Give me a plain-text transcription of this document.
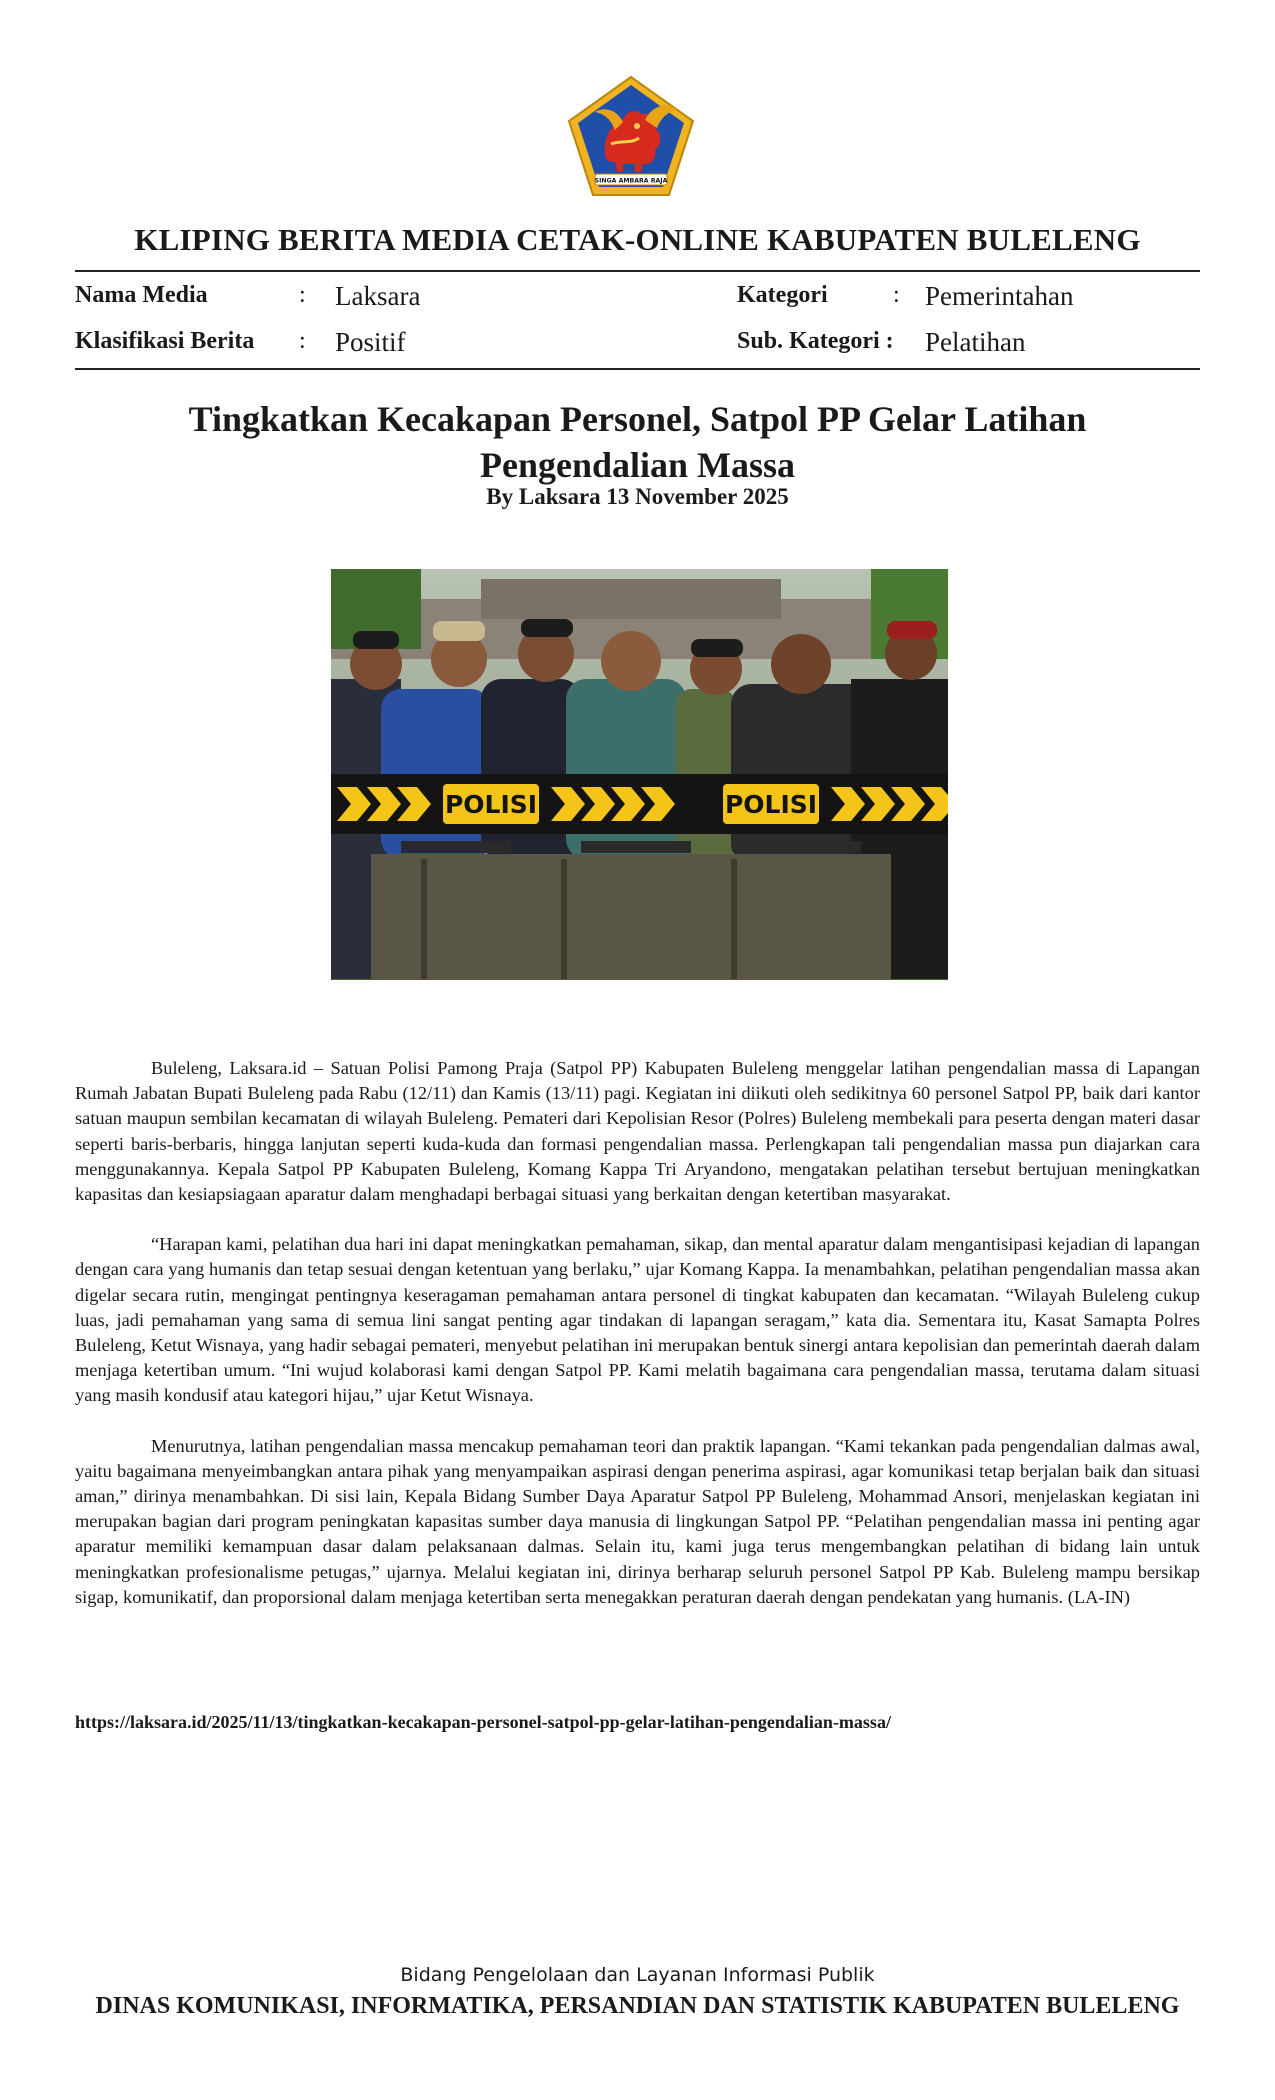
SINGA AMBARA RAJA
KLIPING BERITA MEDIA CETAK-ONLINE KABUPATEN BULELENG
Nama Media	: Laksara
Klasifikasi Berita : Positif
Kategori	: Pemerintahan
Sub. Kategori : Pelatihan
Tingkatkan Kecakapan Personel, Satpol PP Gelar Latihan Pengendalian Massa
By Laksara 13 November 2025
POLISI	POLISI

Buleleng, Laksara.id – Satuan Polisi Pamong Praja (Satpol PP) Kabupaten Buleleng menggelar latihan pengendalian massa di Lapangan Rumah Jabatan Bupati Buleleng pada Rabu (12/11) dan Kamis (13/11) pagi. Kegiatan ini diikuti oleh sedikitnya 60 personel Satpol PP, baik dari kantor satuan maupun sembilan kecamatan di wilayah Buleleng. Pemateri dari Kepolisian Resor (Polres) Buleleng membekali para peserta dengan materi dasar seperti baris-berbaris, hingga lanjutan seperti kuda-kuda dan formasi pengendalian massa. Perlengkapan tali pengendalian massa pun diajarkan cara menggunakannya. Kepala Satpol PP Kabupaten Buleleng, Komang Kappa Tri Aryandono, mengatakan pelatihan tersebut bertujuan meningkatkan kapasitas dan kesiapsiagaan aparatur dalam menghadapi berbagai situasi yang berkaitan dengan ketertiban masyarakat.

“Harapan kami, pelatihan dua hari ini dapat meningkatkan pemahaman, sikap, dan mental aparatur dalam mengantisipasi kejadian di lapangan dengan cara yang humanis dan tetap sesuai dengan ketentuan yang berlaku,” ujar Komang Kappa. Ia menambahkan, pelatihan pengendalian massa akan digelar secara rutin, mengingat pentingnya keseragaman pemahaman antara personel di tingkat kabupaten dan kecamatan. “Wilayah Buleleng cukup luas, jadi pemahaman yang sama di semua lini sangat penting agar tindakan di lapangan seragam,” kata dia. Sementara itu, Kasat Samapta Polres Buleleng, Ketut Wisnaya, yang hadir sebagai pemateri, menyebut pelatihan ini merupakan bentuk sinergi antara kepolisian dan pemerintah daerah dalam menjaga ketertiban umum. “Ini wujud kolaborasi kami dengan Satpol PP. Kami melatih bagaimana cara pengendalian massa, terutama dalam situasi yang masih kondusif atau kategori hijau,” ujar Ketut Wisnaya.

Menurutnya, latihan pengendalian massa mencakup pemahaman teori dan praktik lapangan. “Kami tekankan pada pengendalian dalmas awal, yaitu bagaimana menyeimbangkan antara pihak yang menyampaikan aspirasi dengan penerima aspirasi, agar komunikasi tetap berjalan baik dan situasi aman,” dirinya menambahkan. Di sisi lain, Kepala Bidang Sumber Daya Aparatur Satpol PP Buleleng, Mohammad Ansori, menjelaskan kegiatan ini merupakan bagian dari program peningkatan kapasitas sumber daya manusia di lingkungan Satpol PP. “Pelatihan pengendalian massa ini penting agar aparatur memiliki kemampuan dasar dalam pelaksanaan dalmas. Selain itu, kami juga terus mengembangkan pelatihan di bidang lain untuk meningkatkan profesionalisme petugas,” ujarnya. Melalui kegiatan ini, dirinya berharap seluruh personel Satpol PP Kab. Buleleng mampu bersikap sigap, komunikatif, dan proporsional dalam menjaga ketertiban serta menegakkan peraturan daerah dengan pendekatan yang humanis. (LA-IN)

https://laksara.id/2025/11/13/tingkatkan-kecakapan-personel-satpol-pp-gelar-latihan-pengendalian-massa/
Bidang Pengelolaan dan Layanan Informasi Publik
DINAS KOMUNIKASI, INFORMATIKA, PERSANDIAN DAN STATISTIK KABUPATEN BULELENG
